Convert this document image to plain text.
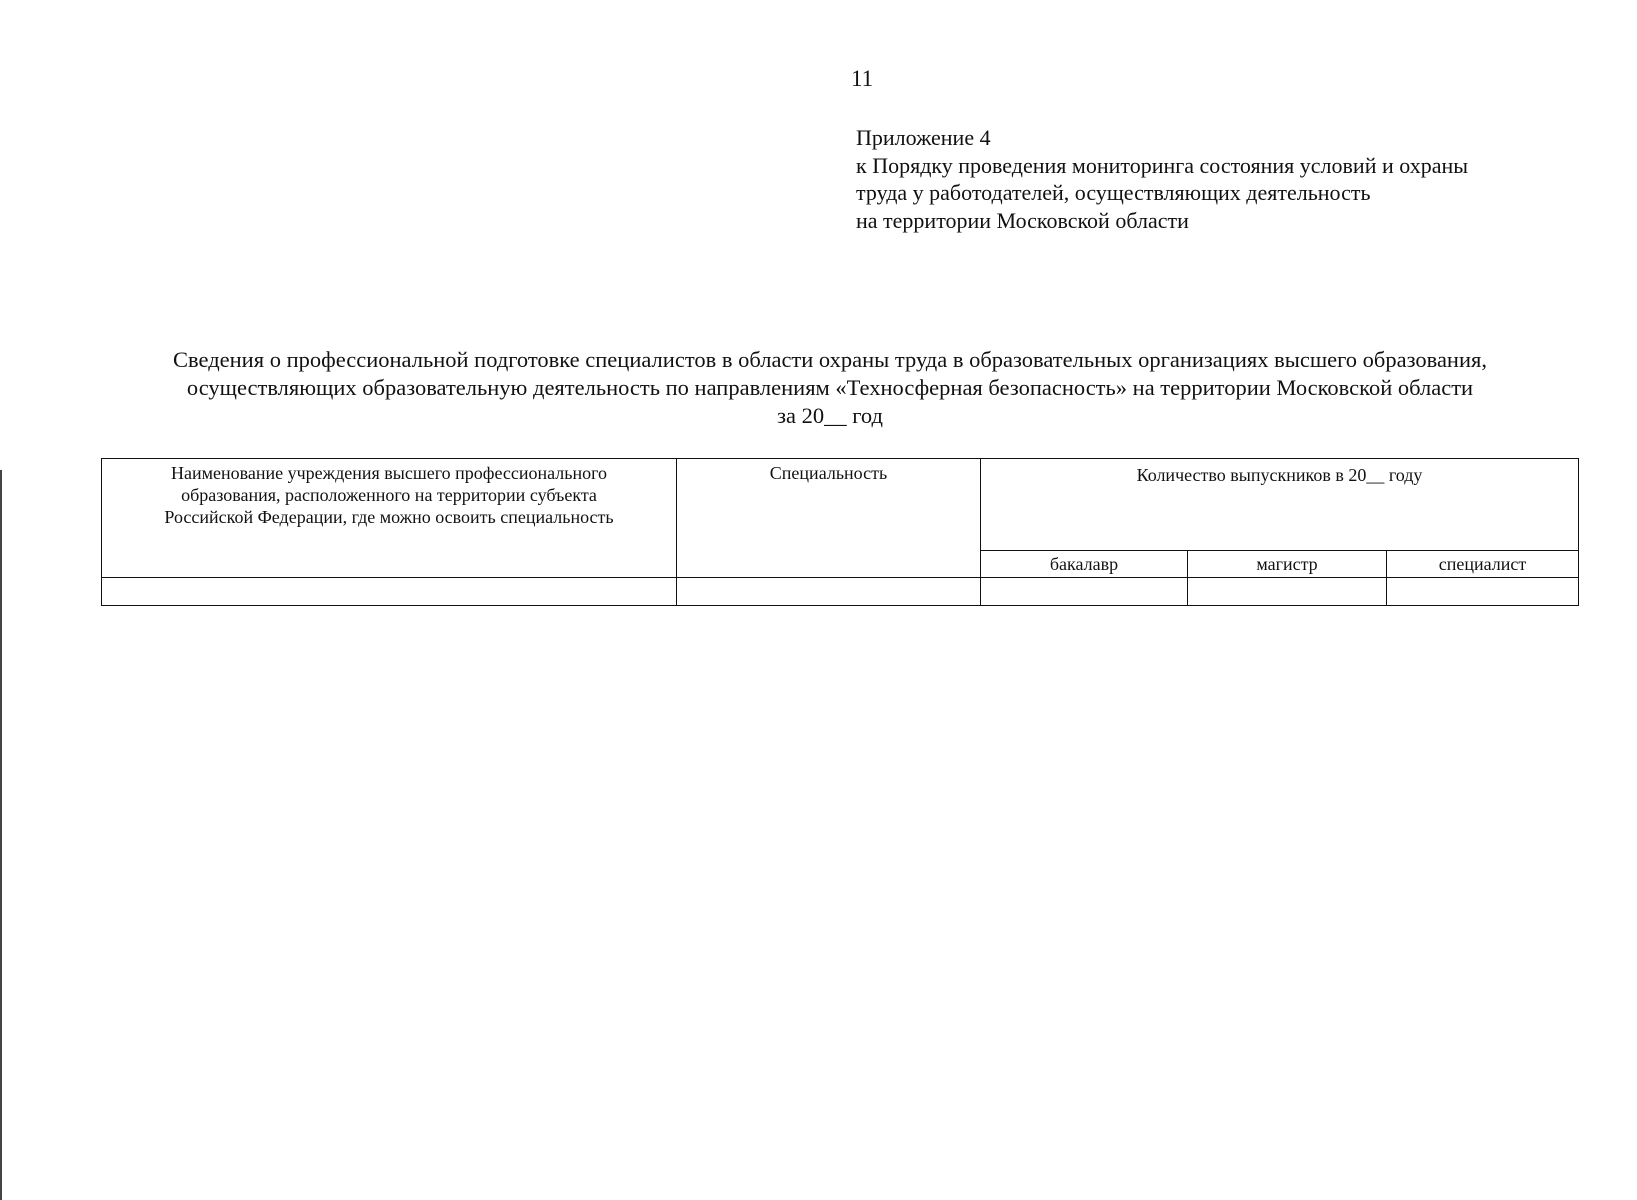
11
Приложение 4
к Порядку проведения мониторинга состояния условий и охраны
труда у работодателей, осуществляющих деятельность
на территории Московской области
Сведения о профессиональной подготовке специалистов в области охраны труда в образовательных организациях высшего образования,
осуществляющих образовательную деятельность по направлениям «Техносферная безопасность» на территории Московской области
за 20__ год
Наименование учреждения высшего профессионального
образования, расположенного на территории субъекта
Российской Федерации, где можно освоить специальность	Специальность	Количество выпускников в 20__ году		
		бакалавр	магистр	специалист
